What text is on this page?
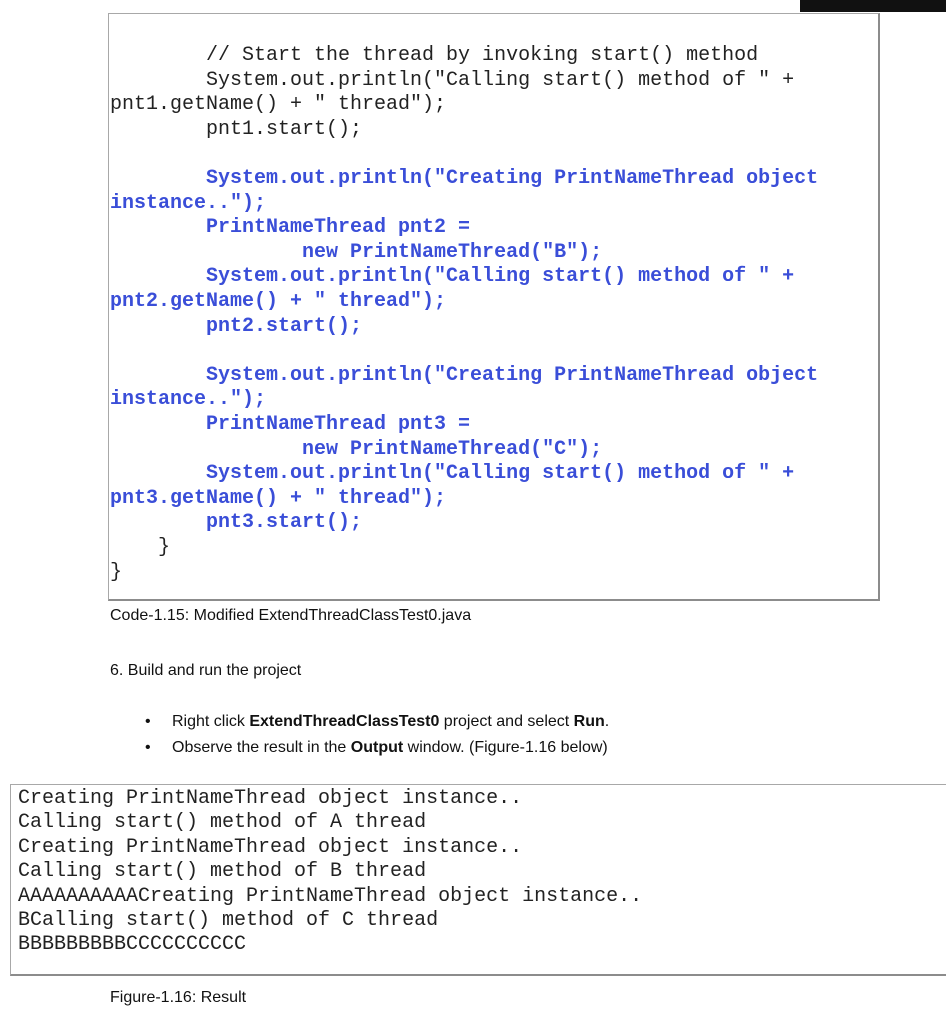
// Start the thread by invoking start() method
System.out.println("Calling start() method of " +
pnt1.getName() + " thread");
pnt1.start();
System.out.println("Creating PrintNameThread object
instance..");
PrintNameThread pnt2 =
new PrintNameThread("B");
System.out.println("Calling start() method of " +
pnt2.getName() + " thread");
pnt2.start();
System.out.println("Creating PrintNameThread object
instance..");
PrintNameThread pnt3 =
new PrintNameThread("C");
System.out.println("Calling start() method of " +
pnt3.getName() + " thread");
pnt3.start();
}
}
Code-1.15: Modified ExtendThreadClassTest0.java
6. Build and run the project
• Right click ExtendThreadClassTest0 project and select Run.
• Observe the result in the Output window. (Figure-1.16 below)
Creating PrintNameThread object instance..
Calling start() method of A thread
Creating PrintNameThread object instance..
Calling start() method of B thread
AAAAAAAAAACreating PrintNameThread object instance..
BCalling start() method of C thread
BBBBBBBBBCCCCCCCCCC
Figure-1.16: Result
